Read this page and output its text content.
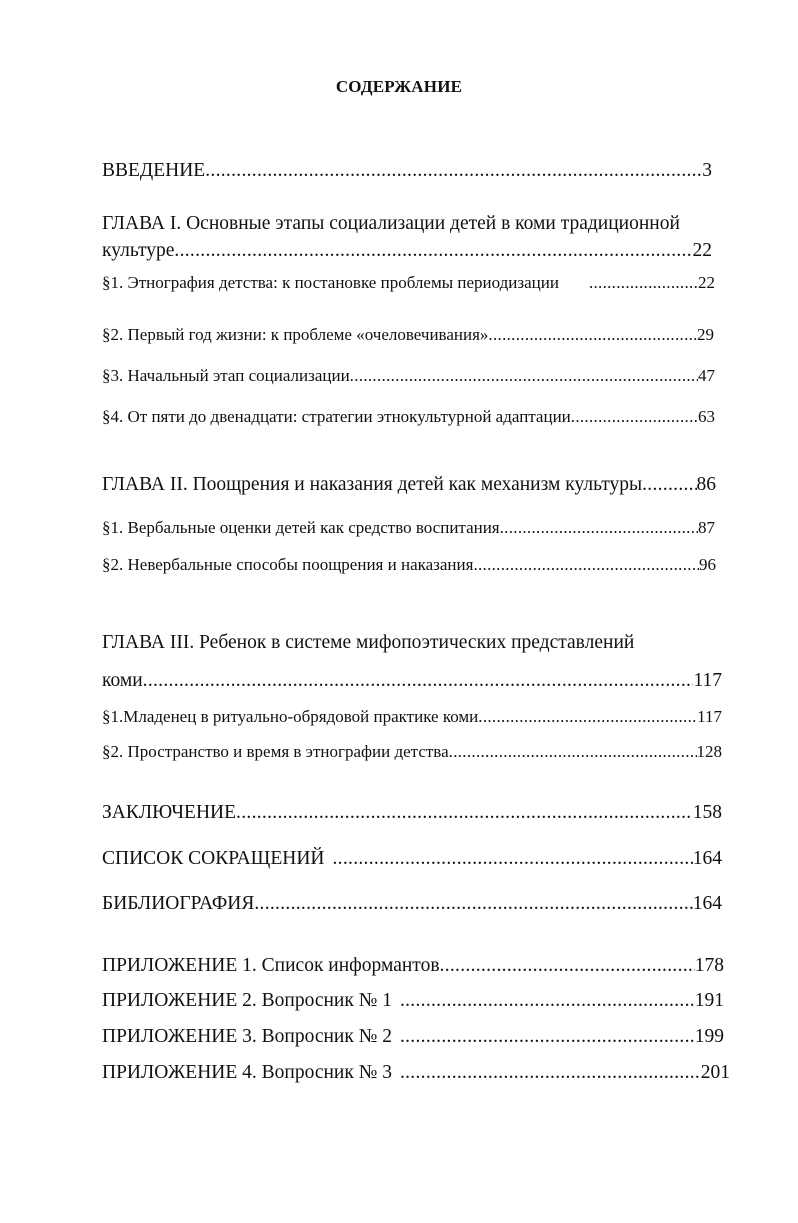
СОДЕРЖАНИЕ
ВВЕДЕНИЕ .....	3
ГЛАВА I. Основные этапы социализации детей в коми традиционной
культуре .....	22
§1. Этнография детства: к постановке проблемы периодизации .....	22
§2. Первый год жизни: к проблеме «очеловечивания» .....	29
§3. Начальный этап социализации .....	47
§4. От пяти до двенадцати: стратегии этнокультурной адаптации .....	63
ГЛАВА II. Поощрения и наказания детей как механизм культуры .....	86
§1. Вербальные оценки детей как средство воспитания .....	87
§2. Невербальные способы поощрения и наказания .....	96
ГЛАВА III. Ребенок в системе мифопоэтических представлений
коми .....	117
§1.Младенец в ритуально-обрядовой практике коми .....	117
§2. Пространство и время в этнографии детства .....	128
ЗАКЛЮЧЕНИЕ .....	158
СПИСОК СОКРАЩЕНИЙ .....	164
БИБЛИОГРАФИЯ .....	164
ПРИЛОЖЕНИЕ 1. Список информантов .....	178
ПРИЛОЖЕНИЕ 2. Вопросник № 1 .....	191
ПРИЛОЖЕНИЕ 3. Вопросник № 2 .....	199
ПРИЛОЖЕНИЕ 4. Вопросник № 3 .....	201
